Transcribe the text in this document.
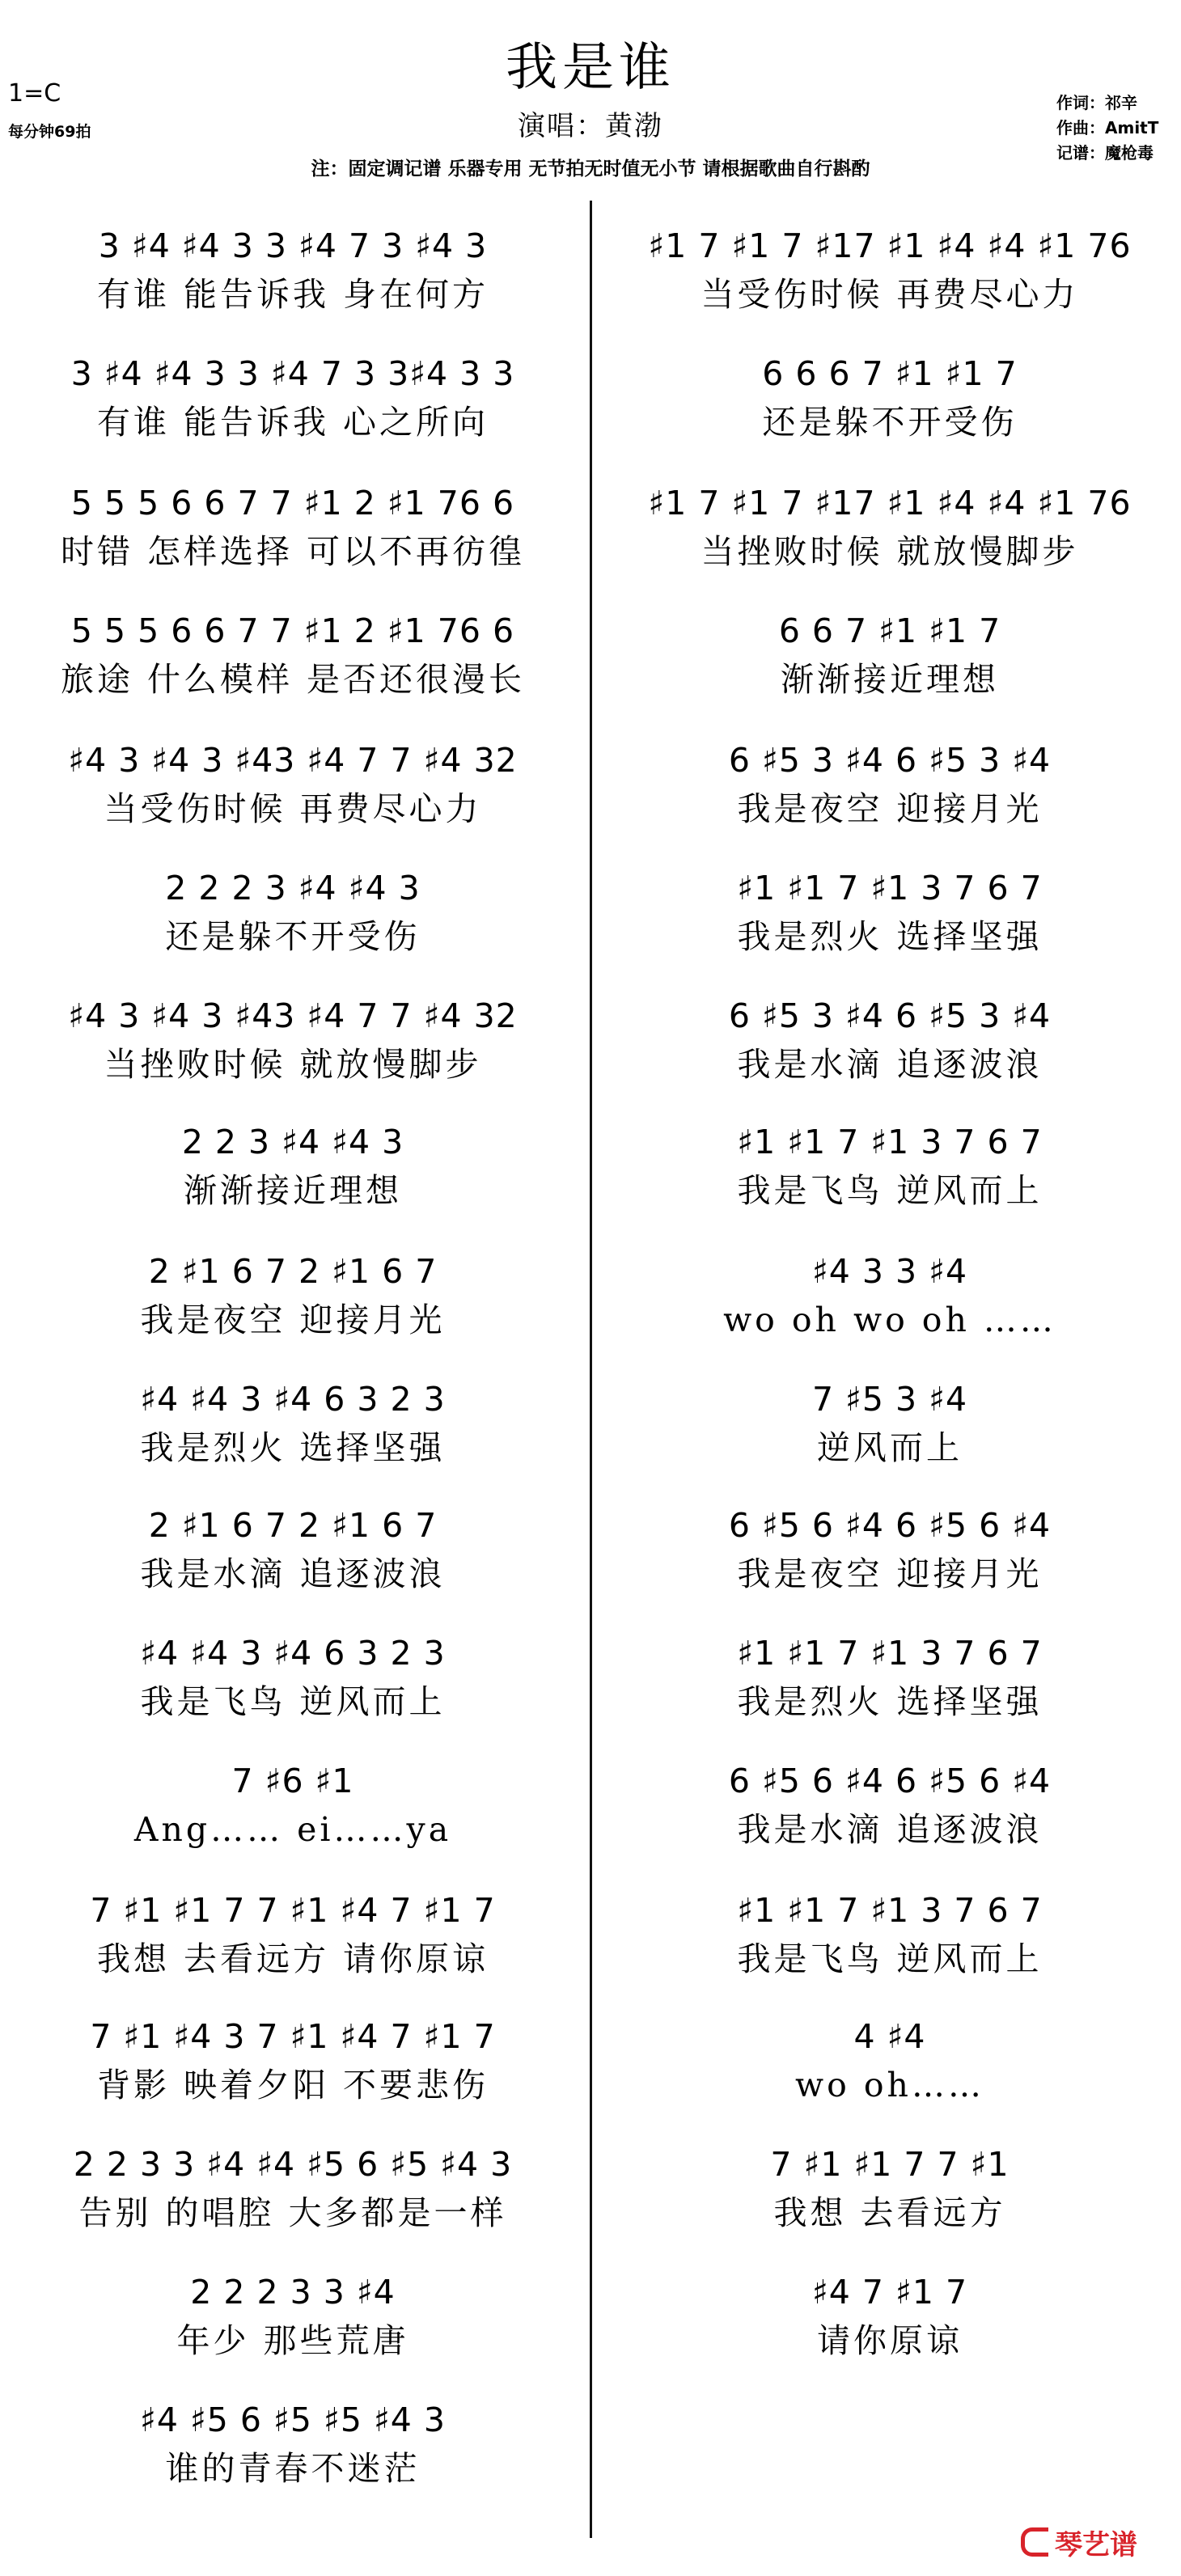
我是谁
演唱：黄渤
1=C
每分钟69拍
作词：祁辛
作曲：AmitT
记谱：魔枪毒
注：固定调记谱 乐器专用 无节拍无时值无小节 请根据歌曲自行斟酌
3 ♯4 ♯4 3 3 ♯4 7 3 ♯4 3
有谁 能告诉我 身在何方
3 ♯4 ♯4 3 3 ♯4 7 3 3♯4 3 3
有谁 能告诉我 心之所向
5 5 5 6 6 7 7 ♯1 2 ♯1 76 6
时错 怎样选择 可以不再彷徨
5 5 5 6 6 7 7 ♯1 2 ♯1 76 6
旅途 什么模样 是否还很漫长
♯4 3 ♯4 3 ♯43 ♯4 7 7 ♯4 32
当受伤时候 再费尽心力
2 2 2 3 ♯4 ♯4 3
还是躲不开受伤
♯4 3 ♯4 3 ♯43 ♯4 7 7 ♯4 32
当挫败时候 就放慢脚步
2 2 3 ♯4 ♯4 3
渐渐接近理想
2 ♯1 6 7 2 ♯1 6 7
我是夜空 迎接月光
♯4 ♯4 3 ♯4 6 3 2 3
我是烈火 选择坚强
2 ♯1 6 7 2 ♯1 6 7
我是水滴 追逐波浪
♯4 ♯4 3 ♯4 6 3 2 3
我是飞鸟 逆风而上
7 ♯6 ♯1
Ang…… ei……ya
7 ♯1 ♯1 7 7 ♯1 ♯4 7 ♯1 7
我想 去看远方 请你原谅
7 ♯1 ♯4 3 7 ♯1 ♯4 7 ♯1 7
背影 映着夕阳 不要悲伤
2 2 3 3 ♯4 ♯4 ♯5 6 ♯5 ♯4 3
告别 的唱腔 大多都是一样
2 2 2 3 3 ♯4
年少 那些荒唐
♯4 ♯5 6 ♯5 ♯5 ♯4 3
谁的青春不迷茫
♯1 7 ♯1 7 ♯17 ♯1 ♯4 ♯4 ♯1 76
当受伤时候 再费尽心力
6 6 6 7 ♯1 ♯1 7
还是躲不开受伤
♯1 7 ♯1 7 ♯17 ♯1 ♯4 ♯4 ♯1 76
当挫败时候 就放慢脚步
6 6 7 ♯1 ♯1 7
渐渐接近理想
6 ♯5 3 ♯4 6 ♯5 3 ♯4
我是夜空 迎接月光
♯1 ♯1 7 ♯1 3 7 6 7
我是烈火 选择坚强
6 ♯5 3 ♯4 6 ♯5 3 ♯4
我是水滴 追逐波浪
♯1 ♯1 7 ♯1 3 7 6 7
我是飞鸟 逆风而上
♯4 3 3 ♯4
wo oh wo oh ……
7 ♯5 3 ♯4
逆风而上
6 ♯5 6 ♯4 6 ♯5 6 ♯4
我是夜空 迎接月光
♯1 ♯1 7 ♯1 3 7 6 7
我是烈火 选择坚强
6 ♯5 6 ♯4 6 ♯5 6 ♯4
我是水滴 追逐波浪
♯1 ♯1 7 ♯1 3 7 6 7
我是飞鸟 逆风而上
4 ♯4
wo oh……
7 ♯1 ♯1 7 7 ♯1
我想 去看远方
♯4 7 ♯1 7
请你原谅
琴艺谱
